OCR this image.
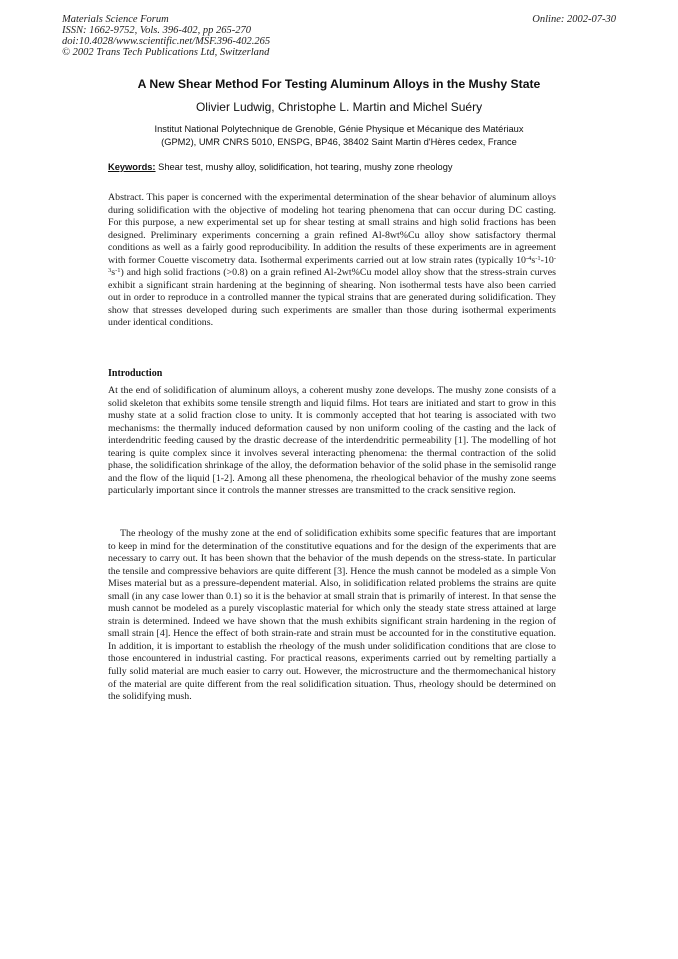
Materials Science Forum
ISSN: 1662-9752, Vols. 396-402, pp 265-270
doi:10.4028/www.scientific.net/MSF.396-402.265
© 2002 Trans Tech Publications Ltd, Switzerland
Online: 2002-07-30
A New Shear Method For Testing Aluminum Alloys in the Mushy State
Olivier Ludwig, Christophe L. Martin and Michel Suéry
Institut National Polytechnique de Grenoble, Génie Physique et Mécanique des Matériaux
(GPM2), UMR CNRS 5010, ENSPG, BP46, 38402 Saint Martin d'Hères cedex, France
Keywords: Shear test, mushy alloy, solidification, hot tearing, mushy zone rheology
Abstract. This paper is concerned with the experimental determination of the shear behavior of aluminum alloys during solidification with the objective of modeling hot tearing phenomena that can occur during DC casting. For this purpose, a new experimental set up for shear testing at small strains and high solid fractions has been designed. Preliminary experiments concerning a grain refined Al-8wt%Cu alloy show satisfactory thermal conditions as well as a fairly good reproducibility. In addition the results of these experiments are in agreement with former Couette viscometry data. Isothermal experiments carried out at low strain rates (typically $10^{-4}s^{-1}-10^{-3}s^{-1}$) and high solid fractions (>0.8) on a grain refined Al-2wt%Cu model alloy show that the stress-strain curves exhibit a significant strain hardening at the beginning of shearing. Non isothermal tests have also been carried out in order to reproduce in a controlled manner the typical strains that are generated during solidification. They show that stresses developed during such experiments are smaller than those during isothermal experiments under identical conditions.
Introduction
At the end of solidification of aluminum alloys, a coherent mushy zone develops. The mushy zone consists of a solid skeleton that exhibits some tensile strength and liquid films. Hot tears are initiated and start to grow in this mushy state at a solid fraction close to unity. It is commonly accepted that hot tearing is associated with two mechanisms: the thermally induced deformation caused by non uniform cooling of the casting and the lack of interdendritic feeding caused by the drastic decrease of the interdendritic permeability [1]. The modelling of hot tearing is quite complex since it involves several interacting phenomena: the thermal contraction of the solid phase, the solidification shrinkage of the alloy, the deformation behavior of the solid phase in the semisolid range and the flow of the liquid [1-2]. Among all these phenomena, the rheological behavior of the mushy zone seems particularly important since it controls the manner stresses are transmitted to the crack sensitive region.
The rheology of the mushy zone at the end of solidification exhibits some specific features that are important to keep in mind for the determination of the constitutive equations and for the design of the experiments that are necessary to carry out. It has been shown that the behavior of the mush depends on the stress-state. In particular the tensile and compressive behaviors are quite different [3]. Hence the mush cannot be modeled as a simple Von Mises material but as a pressure-dependent material. Also, in solidification related problems the strains are quite small (in any case lower than 0.1) so it is the behavior at small strain that is primarily of interest. In that sense the mush cannot be modeled as a purely viscoplastic material for which only the steady state stress attained at large strain is determined. Indeed we have shown that the mush exhibits significant strain hardening in the region of small strain [4]. Hence the effect of both strain-rate and strain must be accounted for in the constitutive equation. In addition, it is important to establish the rheology of the mush under solidification conditions that are close to those encountered in industrial casting. For practical reasons, experiments carried out by remelting partially a fully solid material are much easier to carry out. However, the microstructure and the thermomechanical history of the material are quite different from the real solidification situation. Thus, rheology should be determined on the solidifying mush.
